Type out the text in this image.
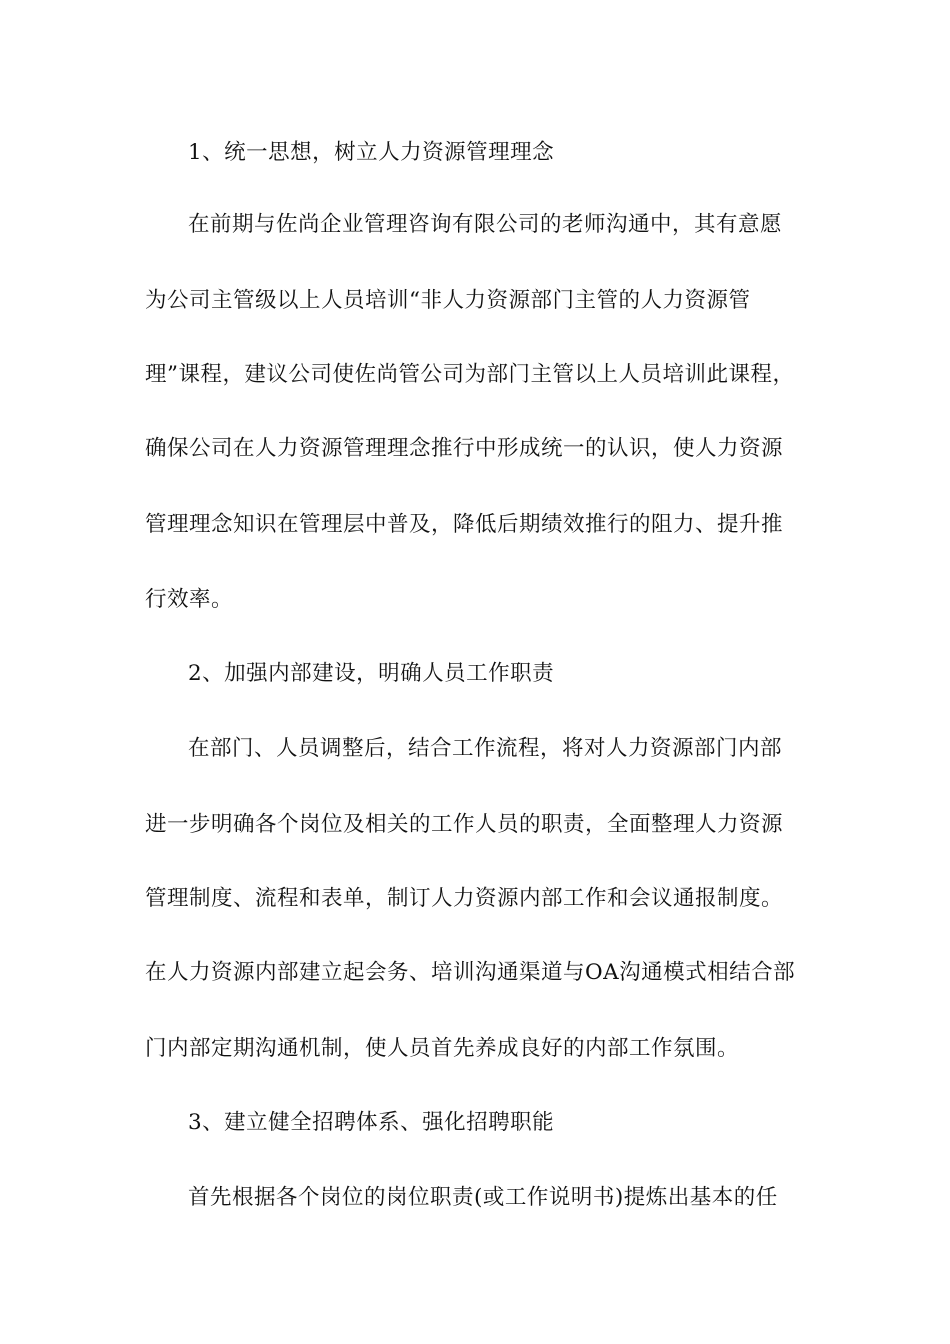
1、统一思想，树立人力资源管理理念
在前期与佐尚企业管理咨询有限公司的老师沟通中，其有意愿
为公司主管级以上人员培训“非人力资源部门主管的人力资源管
理”课程，建议公司使佐尚管公司为部门主管以上人员培训此课程，
确保公司在人力资源管理理念推行中形成统一的认识，使人力资源
管理理念知识在管理层中普及，降低后期绩效推行的阻力、提升推
行效率。
2、加强内部建设，明确人员工作职责
在部门、人员调整后，结合工作流程，将对人力资源部门内部
进一步明确各个岗位及相关的工作人员的职责，全面整理人力资源
管理制度、流程和表单，制订人力资源内部工作和会议通报制度。
在人力资源内部建立起会务、培训沟通渠道与OA沟通模式相结合部
门内部定期沟通机制，使人员首先养成良好的内部工作氛围。
3、建立健全招聘体系、强化招聘职能
首先根据各个岗位的岗位职责(或工作说明书)提炼出基本的任
